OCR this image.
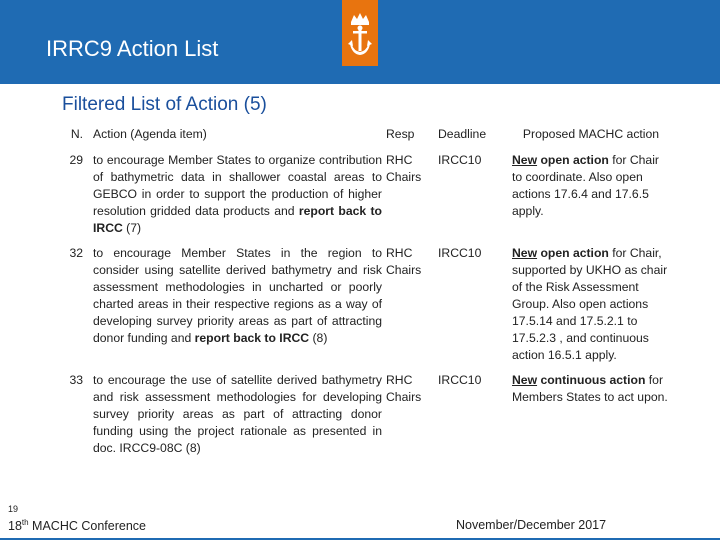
IRRC9 Action List
Filtered List of Action (5)
N.	Action (Agenda item)	Resp	Deadline	Proposed MACHC action
29	to encourage Member States to organize contribution of bathymetric data in shallower coastal areas to GEBCO in order to support the production of higher resolution gridded data products and report back to IRCC (7)	RHC Chairs	IRCC10	New open action for Chair to coordinate. Also open actions 17.6.4 and 17.6.5 apply.
32	to encourage Member States in the region to consider using satellite derived bathymetry and risk assessment methodologies in uncharted or poorly charted areas in their respective regions as a way of developing survey priority areas as part of attracting donor funding and report back to IRCC (8)	RHC Chairs	IRCC10	New open action for Chair, supported by UKHO as chair of the Risk Assessment Group. Also open actions 17.5.14 and 17.5.2.1 to 17.5.2.3 , and continuous action 16.5.1 apply.
33	to encourage the use of satellite derived bathymetry and risk assessment methodologies for developing survey priority areas as part of attracting donor funding using the project rationale as presented in doc. IRCC9-08C (8)	RHC Chairs	IRCC10	New continuous action for Members States to act upon.
19
18th MACHC Conference	November/December 2017
